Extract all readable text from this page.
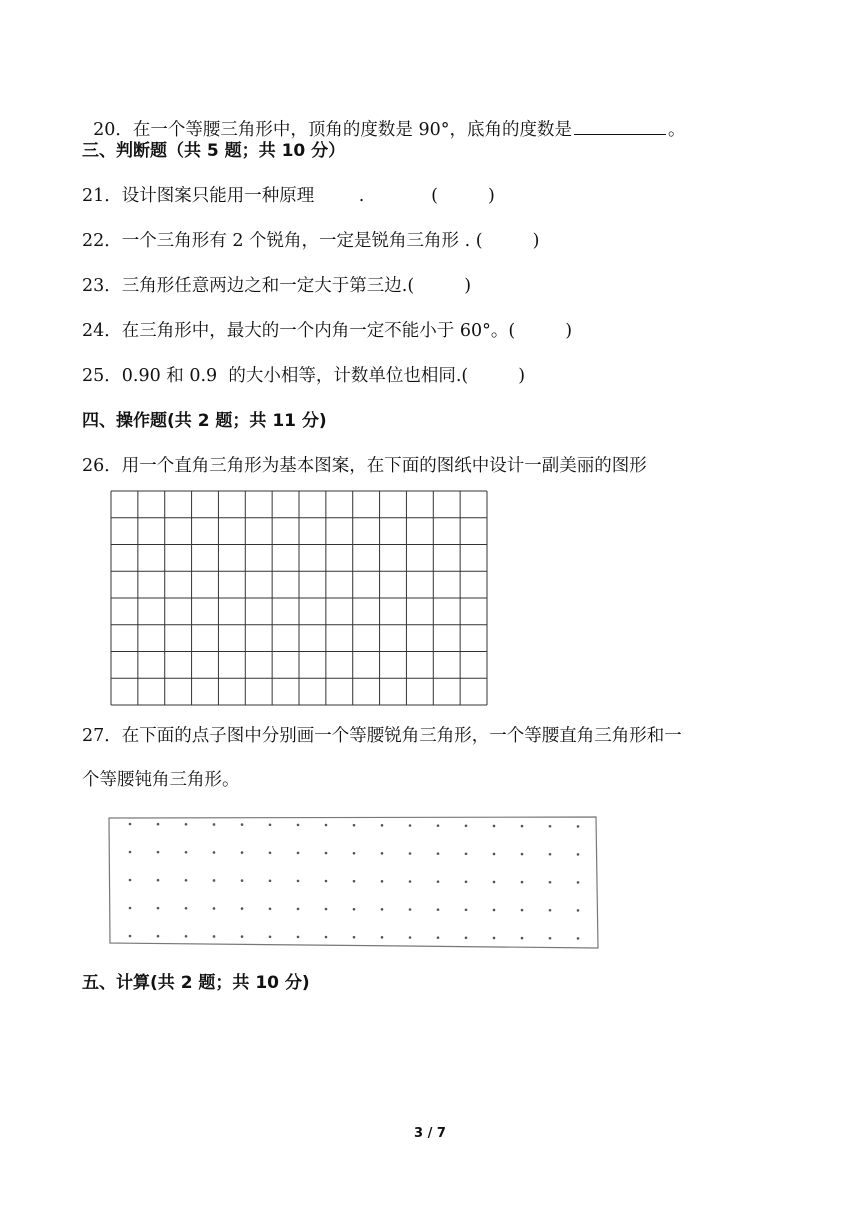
20．在一个等腰三角形中，顶角的度数是 90°，底角的度数是	。

三、判断题（共 5 题；共 10 分）
21．设计图案只能用一种原理        .            (         )
22．一个三角形有 2 个锐角，一定是锐角三角形 . (         )
23．三角形任意两边之和一定大于第三边.(         )
24．在三角形中，最大的一个内角一定不能小于 60°。(         )
25．0.90 和 0.9  的大小相等，计数单位也相同.(         )
四、操作题(共 2 题；共 11 分)
26．用一个直角三角形为基本图案，在下面的图纸中设计一副美丽的图形
27．在下面的点子图中分别画一个等腰锐角三角形，一个等腰直角三角形和一
个等腰钝角三角形。
五、计算(共 2 题；共 10 分)
3 / 7
